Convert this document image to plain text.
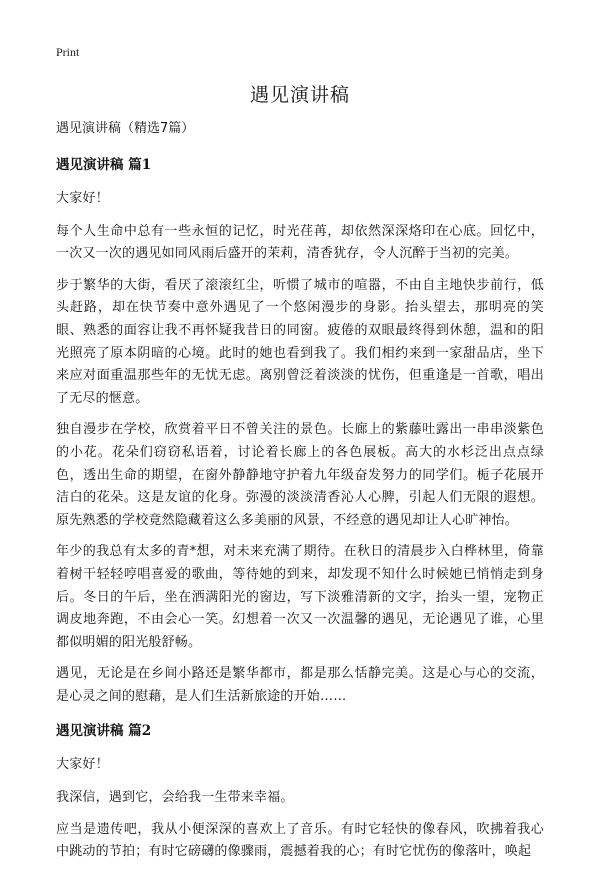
Print
遇见演讲稿

遇见演讲稿（精选7篇）

遇见演讲稿 篇1

大家好！

每个人生命中总有一些永恒的记忆，时光荏苒，却依然深深烙印在心底。回忆中，一次又一次的遇见如同风雨后盛开的茉莉，清香犹存，令人沉醉于当初的完美。

步于繁华的大街，看厌了滚滚红尘，听惯了城市的喧嚣，不由自主地快步前行，低头赶路，却在快节奏中意外遇见了一个悠闲漫步的身影。抬头望去，那明亮的笑眼、熟悉的面容让我不再怀疑我昔日的同窗。疲倦的双眼最终得到休憩，温和的阳光照亮了原本阴暗的心境。此时的她也看到我了。我们相约来到一家甜品店，坐下来应对面重温那些年的无忧无虑。离别曾泛着淡淡的忧伤，但重逢是一首歌，唱出了无尽的惬意。

独自漫步在学校，欣赏着平日不曾关注的景色。长廊上的紫藤吐露出一串串淡紫色的小花。花朵们窃窃私语着，讨论着长廊上的各色展板。高大的水杉泛出点点绿色，透出生命的期望，在窗外静静地守护着九年级奋发努力的同学们。栀子花展开洁白的花朵。这是友谊的化身。弥漫的淡淡清香沁人心脾，引起人们无限的遐想。原先熟悉的学校竟然隐藏着这么多美丽的风景，不经意的遇见却让人心旷神怡。

年少的我总有太多的青*想，对未来充满了期待。在秋日的清晨步入白桦林里，倚靠着树干轻轻哼唱喜爱的歌曲，等待她的到来，却发现不知什么时候她已悄悄走到身后。冬日的午后，坐在洒满阳光的窗边，写下淡雅清新的文字，抬头一望，宠物正调皮地奔跑，不由会心一笑。幻想着一次又一次温馨的遇见，无论遇见了谁，心里都似明媚的阳光般舒畅。

遇见，无论是在乡间小路还是繁华都市，都是那么恬静完美。这是心与心的交流，是心灵之间的慰藉，是人们生活新旅途的开始……

遇见演讲稿 篇2

大家好！

我深信，遇到它，会给我一生带来幸福。

应当是遗传吧，我从小便深深的喜欢上了音乐。有时它轻快的像春风，吹拂着我心中跳动的节拍；有时它磅礴的像骤雨，震撼着我的心；有时它忧伤的像落叶，唤起
